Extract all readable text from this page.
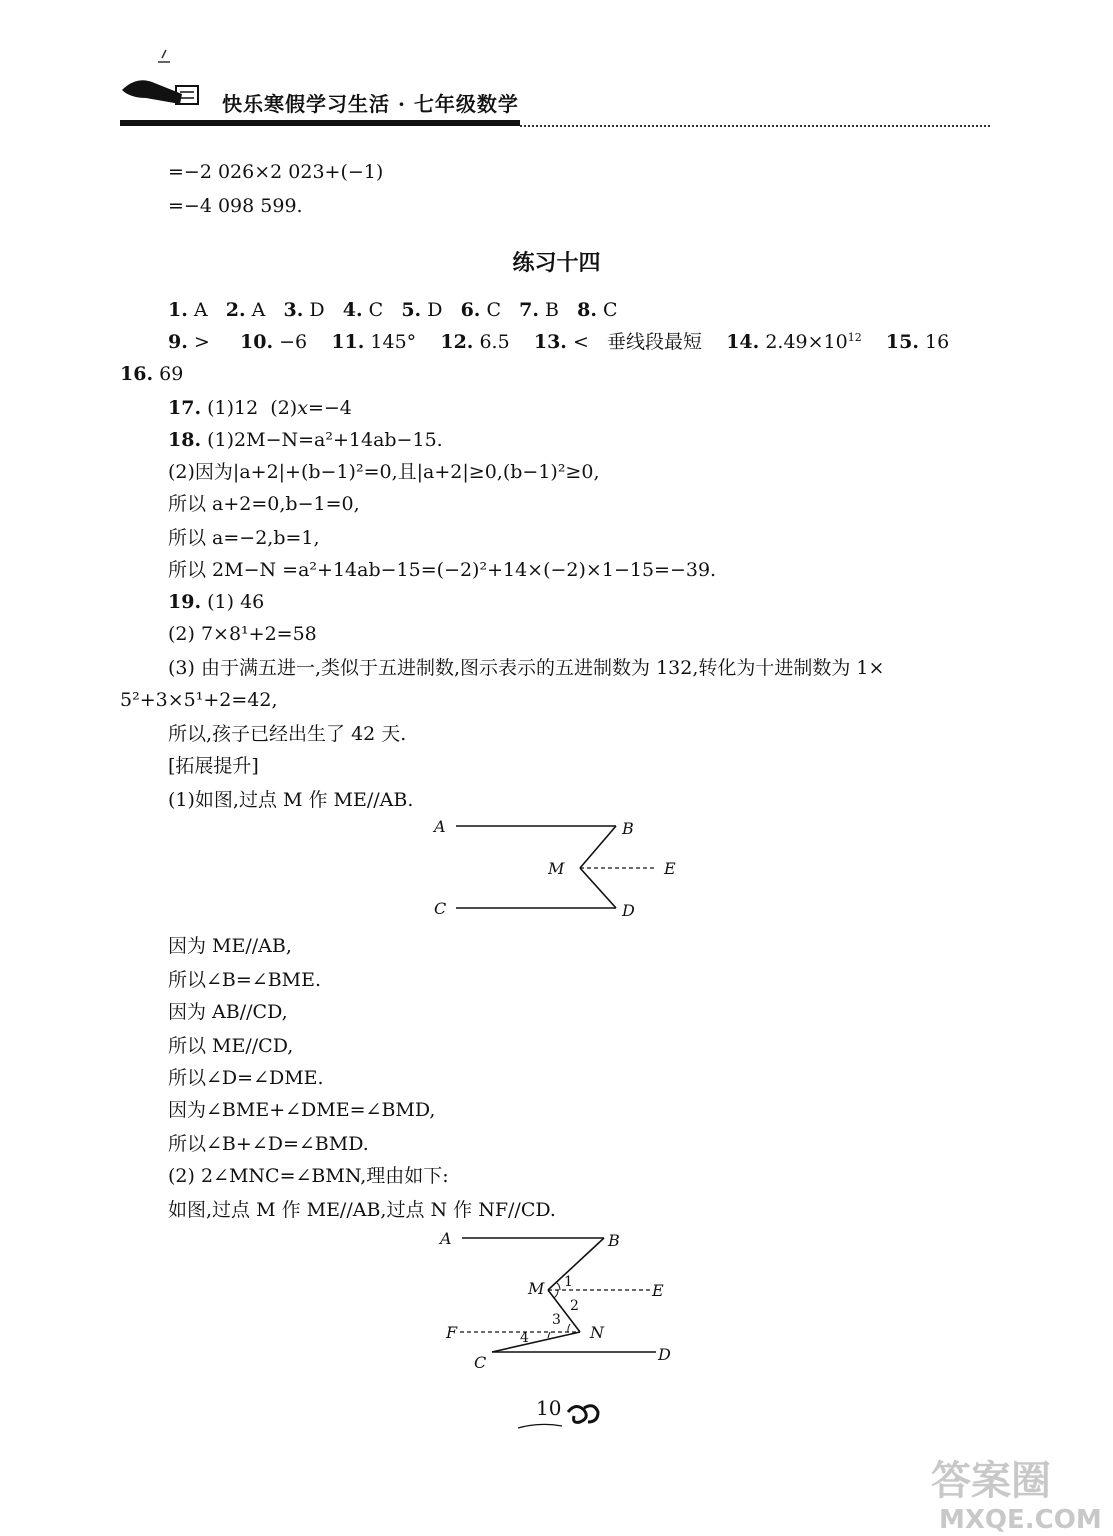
快乐寒假学习生活 · 七年级数学
=−2 026×2 023+(−1)
=−4 098 599.
练习十四
1. A 2. A 3. D 4. C 5. D 6. C 7. B 8. C
9. > 10. −6 11. 145° 12. 6.5 13. < 垂线段最短 14. $2.49\times 10^{12}$ 15. 16
16. 69
17. (1)12 (2)x=−4
18. (1)2M−N=a²+14ab−15.
(2)因为|a+2|+(b−1)²=0,且|a+2|≥0,(b−1)²≥0,
所以 a+2=0,b−1=0,
所以 a=−2,b=1,
所以 2M−N =a²+14ab−15=(−2)²+14×(−2)×1−15=−39.
19. (1) 46
(2) 7×8¹+2=58
(3) 由于满五进一,类似于五进制数,图示表示的五进制数为 132,转化为十进制数为 1×
5²+3×5¹+2=42,
所以,孩子已经出生了 42 天.
[拓展提升]
(1)如图,过点 M 作 ME//AB.
A	B
M	E
C	D
因为 ME//AB,
所以∠B=∠BME.
因为 AB//CD,
所以 ME//CD,
所以∠D=∠DME.
因为∠BME+∠DME=∠BMD,
所以∠B+∠D=∠BMD.
(2) 2∠MNC=∠BMN,理由如下:
如图,过点 M 作 ME//AB,过点 N 作 NF//CD.
A	B
M	E
F	N
C	D
1
2
3
4
10
答案圈
MXQE.COM
